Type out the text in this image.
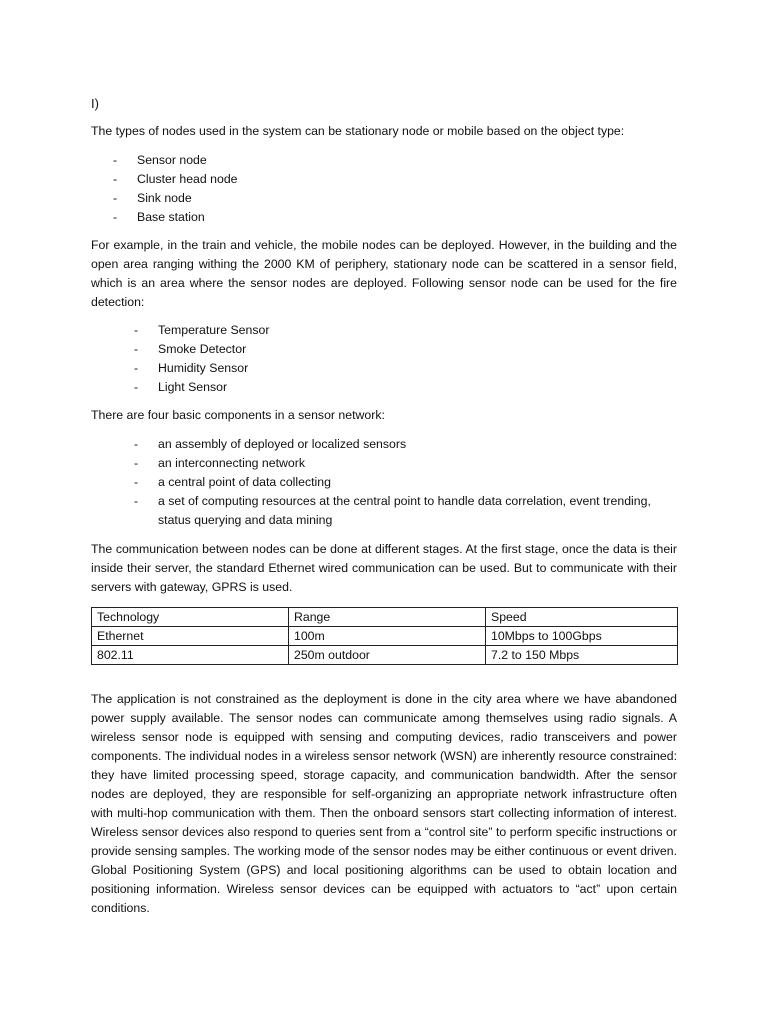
I)
The types of nodes used in the system can be stationary node or mobile based on the object type:
- Sensor node
- Cluster head node
- Sink node
- Base station
For example, in the train and vehicle, the mobile nodes can be deployed. However, in the building and the open area ranging withing the 2000 KM of periphery, stationary node can be scattered in a sensor field, which is an area where the sensor nodes are deployed. Following sensor node can be used for the fire detection:
- Temperature Sensor
- Smoke Detector
- Humidity Sensor
- Light Sensor
There are four basic components in a sensor network:
- an assembly of deployed or localized sensors
- an interconnecting network
- a central point of data collecting
- a set of computing resources at the central point to handle data correlation, event trending, status querying and data mining
The communication between nodes can be done at different stages. At the first stage, once the data is their inside their server, the standard Ethernet wired communication can be used. But to communicate with their servers with gateway, GPRS is used.
Technology	Range	Speed
Ethernet	100m	10Mbps to 100Gbps
802.11	250m outdoor	7.2 to 150 Mbps
The application is not constrained as the deployment is done in the city area where we have abandoned power supply available. The sensor nodes can communicate among themselves using radio signals. A wireless sensor node is equipped with sensing and computing devices, radio transceivers and power components. The individual nodes in a wireless sensor network (WSN) are inherently resource constrained: they have limited processing speed, storage capacity, and communication bandwidth. After the sensor nodes are deployed, they are responsible for self-organizing an appropriate network infrastructure often with multi-hop communication with them. Then the onboard sensors start collecting information of interest. Wireless sensor devices also respond to queries sent from a “control site” to perform specific instructions or provide sensing samples. The working mode of the sensor nodes may be either continuous or event driven. Global Positioning System (GPS) and local positioning algorithms can be used to obtain location and positioning information. Wireless sensor devices can be equipped with actuators to “act” upon certain conditions.
